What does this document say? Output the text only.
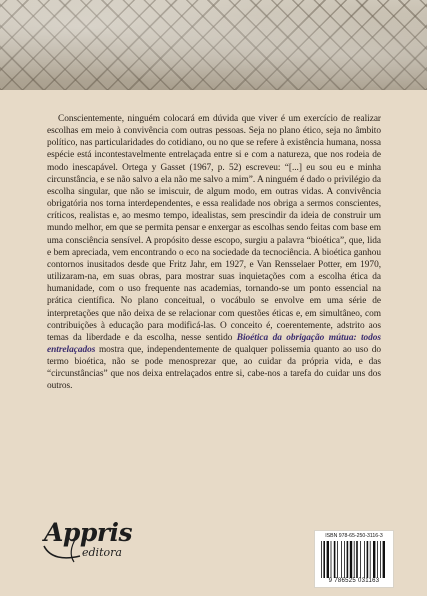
Conscientemente, ninguém colocará em dúvida que viver é um exercício de realizar escolhas em meio à convivência com outras pessoas. Seja no plano ético, seja no âmbito político, nas particularidades do cotidiano, ou no que se refere à existência humana, nossa espécie está incontestavelmente entrelaçada entre si e com a natureza, que nos rodeia de modo inescapável. Ortega y Gasset (1967, p. 52) escreveu: “[...] eu sou eu e minha circunstância, e se não salvo a ela não me salvo a mim”. A ninguém é dado o privilégio da escolha singular, que não se imiscuir, de algum modo, em outras vidas. A convivência obrigatória nos torna interdependentes, e essa realidade nos obriga a sermos conscientes, críticos, realistas e, ao mesmo tempo, idealistas, sem prescindir da ideia de construir um mundo melhor, em que se permita pensar e enxergar as escolhas sendo feitas com base em uma consciência sensível. A propósito desse escopo, surgiu a palavra “bioética”, que, lida e bem apreciada, vem encontrando o eco na sociedade da tecnociência. A bioética ganhou contornos inusitados desde que Fritz Jahr, em 1927, e Van Rensselaer Potter, em 1970, utilizaram-na, em suas obras, para mostrar suas inquietações com a escolha ética da humanidade, com o uso frequente nas academias, tornando-se um ponto essencial na prática científica. No plano conceitual, o vocábulo se envolve em uma série de interpretações que não deixa de se relacionar com questões éticas e, em simultâneo, com contribuições à educação para modificá-las. O conceito é, coerentemente, adstrito aos temas da liberdade e da escolha, nesse sentido Bioética da obrigação mútua: todos entrelaçados mostra que, independentemente de qualquer polissemia quanto ao uso do termo bioética, não se pode menosprezar que, ao cuidar da própria vida, e das “circunstâncias” que nos deixa entrelaçados entre si, cabe-nos a tarefa do cuidar uns dos outros.

Appris
editora
ISBN 978-65-250-3116-3
9 786525 031163
